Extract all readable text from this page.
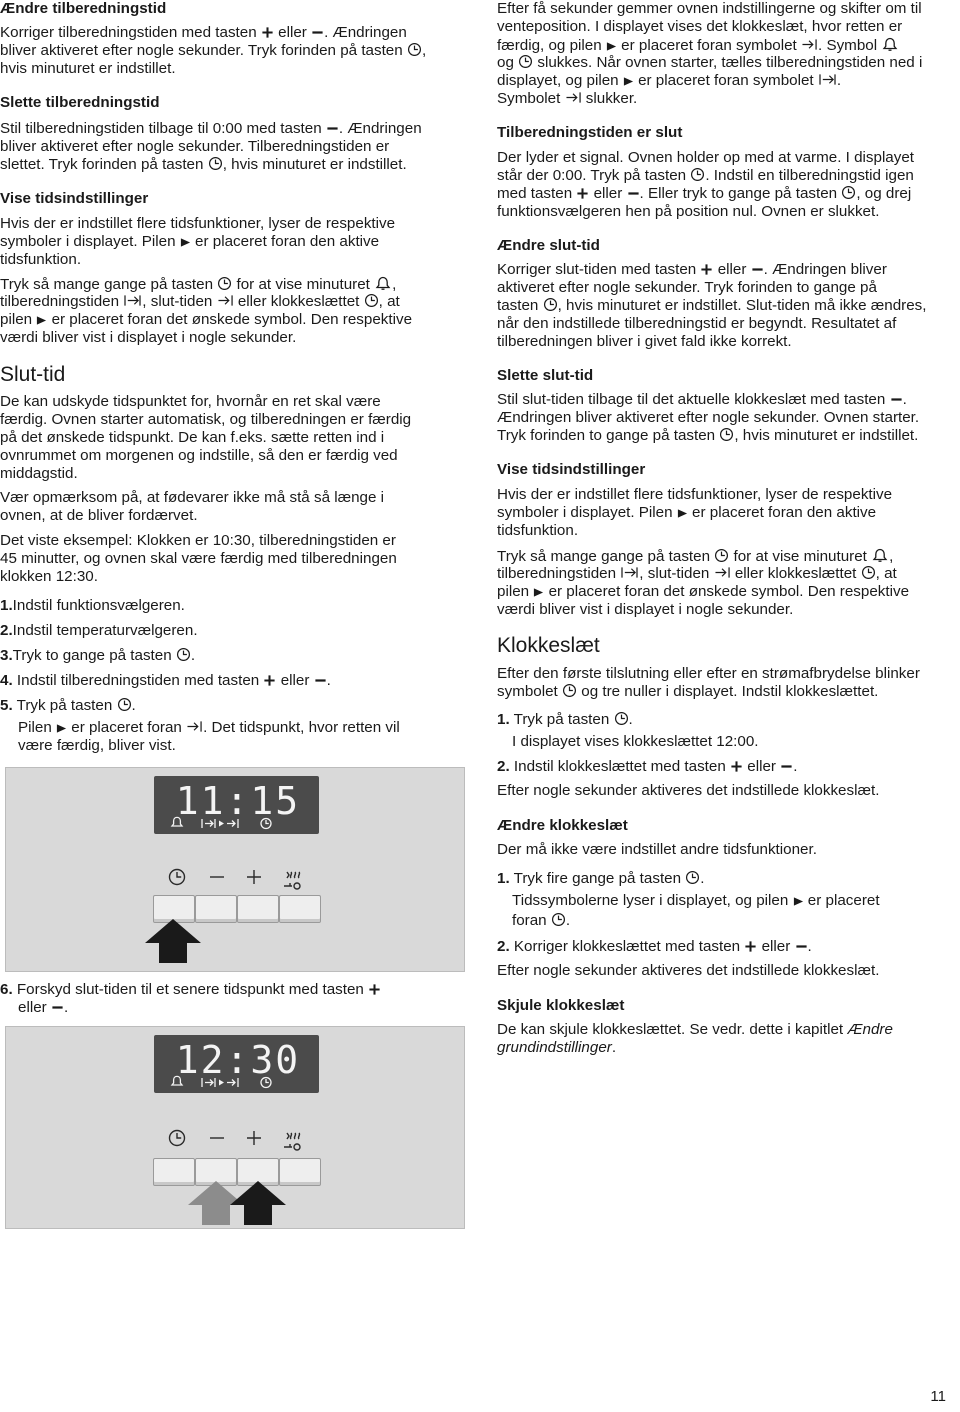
Ændre tilberedningstid
Korriger tilberedningstiden med tasten eller . Ændringen
bliver aktiveret efter nogle sekunder. Tryk forinden på tasten ,
hvis minuturet er indstillet.
Slette tilberedningstid
Stil tilberedningstiden tilbage til 0:00 med tasten . Ændringen
bliver aktiveret efter nogle sekunder. Tilberedningstiden er
slettet. Tryk forinden på tasten , hvis minuturet er indstillet.
Vise tidsindstillinger
Hvis der er indstillet flere tidsfunktioner, lyser de respektive
symboler i displayet. Pilen er placeret foran den aktive
tidsfunktion.
Tryk så mange gange på tasten for at vise minuturet ,
tilberedningstiden , slut-tiden eller klokkeslættet , at
pilen er placeret foran det ønskede symbol. Den respektive
værdi bliver vist i displayet i nogle sekunder.
Slut-tid
De kan udskyde tidspunktet for, hvornår en ret skal være
færdig. Ovnen starter automatisk, og tilberedningen er færdig
på det ønskede tidspunkt. De kan f.eks. sætte retten ind i
ovnrummet om morgenen og indstille, så den er færdig ved
middagstid.
Vær opmærksom på, at fødevarer ikke må stå så længe i
ovnen, at de bliver fordærvet.
Det viste eksempel: Klokken er 10:30, tilberedningstiden er
45 minutter, og ovnen skal være færdig med tilberedningen
klokken 12:30.
1.Indstil funktionsvælgeren.
2.Indstil temperaturvælgeren.
3.Tryk to gange på tasten .
4. Indstil tilberedningstiden med tasten eller .
5. Tryk på tasten .
Pilen er placeret foran . Det tidspunkt, hvor retten vil
være færdig, bliver vist.
11:15
6. Forskyd slut-tiden til et senere tidspunkt med tasten
eller .
12:30
Efter få sekunder gemmer ovnen indstillingerne og skifter om til
venteposition. I displayet vises det klokkeslæt, hvor retten er
færdig, og pilen er placeret foran symbolet . Symbol
og slukkes. Når ovnen starter, tælles tilberedningstiden ned i
displayet, og pilen er placeret foran symbolet .
Symbolet slukker.
Tilberedningstiden er slut
Der lyder et signal. Ovnen holder op med at varme. I displayet
står der 0:00. Tryk på tasten . Indstil en tilberedningstid igen
med tasten eller . Eller tryk to gange på tasten , og drej
funktionsvælgeren hen på position nul. Ovnen er slukket.
Ændre slut-tid
Korriger slut-tiden med tasten eller . Ændringen bliver
aktiveret efter nogle sekunder. Tryk forinden to gange på
tasten , hvis minuturet er indstillet. Slut-tiden må ikke ændres,
når den indstillede tilberedningstid er begyndt. Resultatet af
tilberedningen bliver i givet fald ikke korrekt.
Slette slut-tid
Stil slut-tiden tilbage til det aktuelle klokkeslæt med tasten .
Ændringen bliver aktiveret efter nogle sekunder. Ovnen starter.
Tryk forinden to gange på tasten , hvis minuturet er indstillet.
Vise tidsindstillinger
Hvis der er indstillet flere tidsfunktioner, lyser de respektive
symboler i displayet. Pilen er placeret foran den aktive
tidsfunktion.
Tryk så mange gange på tasten for at vise minuturet ,
tilberedningstiden , slut-tiden eller klokkeslættet , at
pilen er placeret foran det ønskede symbol. Den respektive
værdi bliver vist i displayet i nogle sekunder.
Klokkeslæt
Efter den første tilslutning eller efter en strømafbrydelse blinker
symbolet og tre nuller i displayet. Indstil klokkeslættet.
1. Tryk på tasten .
I displayet vises klokkeslættet 12:00.
2. Indstil klokkeslættet med tasten eller .
Efter nogle sekunder aktiveres det indstillede klokkeslæt.
Ændre klokkeslæt
Der må ikke være indstillet andre tidsfunktioner.
1. Tryk fire gange på tasten .
Tidssymbolerne lyser i displayet, og pilen er placeret
foran .
2. Korriger klokkeslættet med tasten eller .
Efter nogle sekunder aktiveres det indstillede klokkeslæt.
Skjule klokkeslæt
De kan skjule klokkeslættet. Se vedr. dette i kapitlet Ændre
grundindstillinger.
11
